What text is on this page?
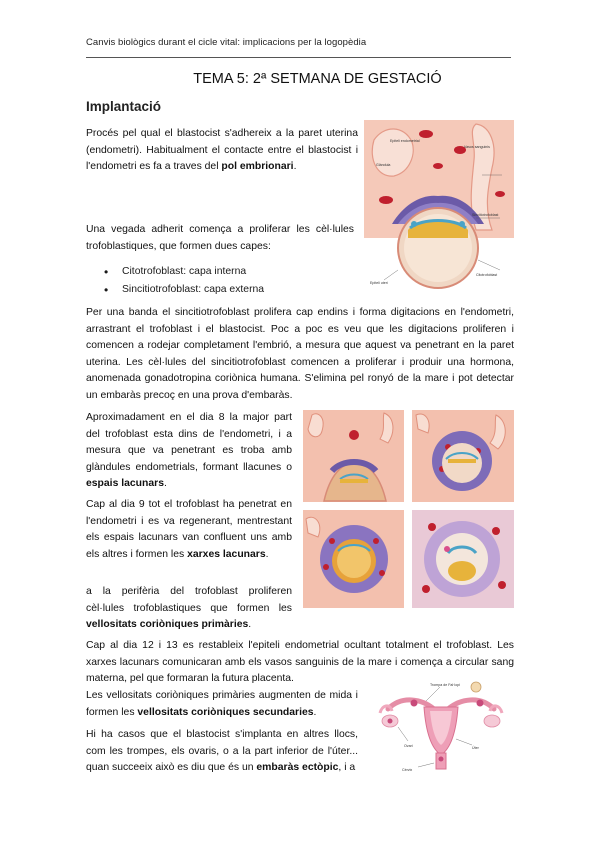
Canvis biològics durant el cicle vital: implicacions per la logopèdia
TEMA 5: 2ª SETMANA DE GESTACIÓ
Implantació
Procés pel qual el blastocist s'adhereix a la paret uterina (endometri). Habitualment el contacte entre el blastocist i l'endometri es fa a traves del pol embrionari.
Una vegada adherit comença a proliferar les cèl·lules trofoblastiques, que formen dues capes:
• Citotrofoblast: capa interna
• Sincitiotrofoblast: capa externa
Epiteli endometrial
Vasos sanguinis
Glàndula
Sincitiotrofoblast
Epiteli uterí
Citotrofoblast
Per una banda el sincitiotrofoblast prolifera cap endins i forma digitacions en l'endometri, arrastrant el trofoblast i el blastocist. Poc a poc es veu que les digitacions proliferen i comencen a rodejar completament l'embrió, a mesura que aquest va penetrant en la paret uterina. Les cèl·lules del sincitiotrofoblast comencen a proliferar i produir una hormona, anomenada gonadotropina coriònica humana. S'elimina pel ronyó de la mare i pot detectar un embaràs precoç en una prova d'embaràs.
Aproximadament en el dia 8 la major part del trofoblast esta dins de l'endometri, i a mesura que va penetrant es troba amb glàndules endometrials, formant llacunes o espais lacunars.
Cap al dia 9 tot el trofoblast ha penetrat en l'endometri i es va regenerant, mentrestant els espais lacunars van confluent uns amb els altres i formen les xarxes lacunars.
a la perifèria del trofoblast proliferen cèl·lules trofoblastiques que formen les vellositats coriòniques primàries.
Cap al dia 12 i 13 es restableix l'epiteli endometrial ocultant totalment el trofoblast. Les xarxes lacunars comunicaran amb els vasos sanguinis de la mare i comença a circular sang materna, pel que formaran la futura placenta.
Les vellositats coriòniques primàries augmenten de mida i formen les vellositats coriòniques secundaries.
Hi ha casos que el blastocist s'implanta en altres llocs, com les trompes, els ovaris, o a la part inferior de l'úter... quan succeeix això es diu que és un embaràs ectòpic, i a
Trompa de Fal·lopi
Ovari	Úter
Cèrvix
